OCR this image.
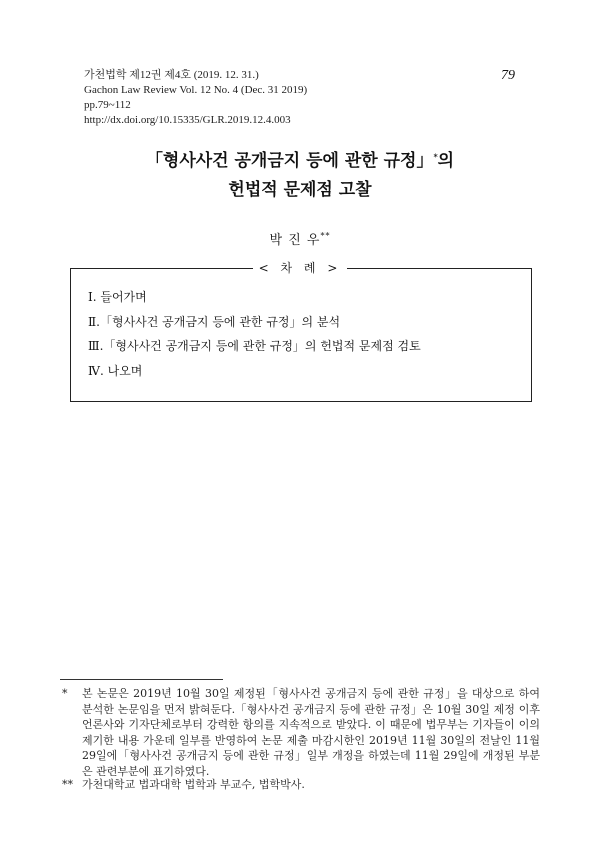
가천법학 제12권 제4호 (2019. 12. 31.)
Gachon Law Review Vol. 12 No. 4 (Dec. 31 2019)
pp.79~112
http://dx.doi.org/10.15335/GLR.2019.12.4.003
79
「형사사건 공개금지 등에 관한 규정」*의
헌법적 문제점 고찰
박 진 우**
< 차 례 >
Ⅰ. 들어가며
Ⅱ.「형사사건 공개금지 등에 관한 규정」의 분석
Ⅲ.「형사사건 공개금지 등에 관한 규정」의 헌법적 문제점 검토
Ⅳ. 나오며
* 본 논문은 2019년 10월 30일 제정된「형사사건 공개금지 등에 관한 규정」을 대상으로 하여 분석한 논문임을 먼저 밝혀둔다.「형사사건 공개금지 등에 관한 규정」은 10월 30일 제정 이후 언론사와 기자단체로부터 강력한 항의를 지속적으로 받았다. 이 때문에 법무부는 기자들이 이의제기한 내용 가운데 일부를 반영하여 논문 제출 마감시한인 2019년 11월 30일의 전날인 11월 29일에「형사사건 공개금지 등에 관한 규정」일부 개정을 하였는데 11월 29일에 개정된 부분은 관련부분에 표기하였다.
** 가천대학교 법과대학 법학과 부교수, 법학박사.
